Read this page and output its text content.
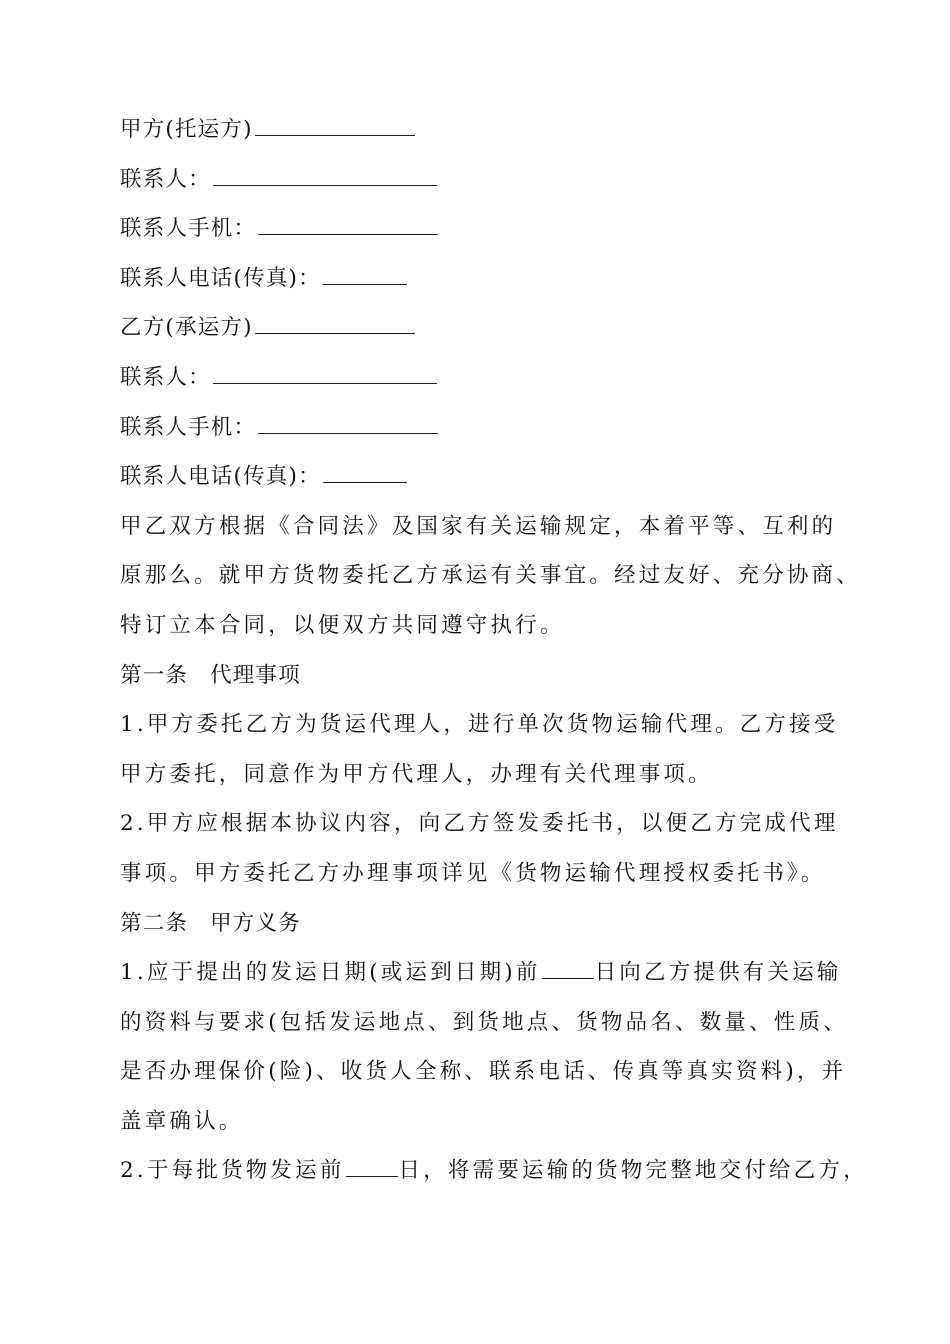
甲方(托运方)
联系人：
联系人手机：
联系人电话(传真)：
乙方(承运方)
联系人：
联系人手机：
联系人电话(传真)：
甲乙双方根据《合同法》及国家有关运输规定，本着平等、互利的
原那么。就甲方货物委托乙方承运有关事宜。经过友好、充分协商、
特订立本合同，以便双方共同遵守执行。
第一条 代理事项
1.甲方委托乙方为货运代理人，进行单次货物运输代理。乙方接受
甲方委托，同意作为甲方代理人，办理有关代理事项。
2.甲方应根据本协议内容，向乙方签发委托书，以便乙方完成代理
事项。甲方委托乙方办理事项详见《货物运输代理授权委托书》。
第二条 甲方义务
1.应于提出的发运日期(或运到日期)前	日向乙方提供有关运输
的资料与要求(包括发运地点、到货地点、货物品名、数量、性质、
是否办理保价(险)、收货人全称、联系电话、传真等真实资料)，并
盖章确认。
2.于每批货物发运前	日，将需要运输的货物完整地交付给乙方，
